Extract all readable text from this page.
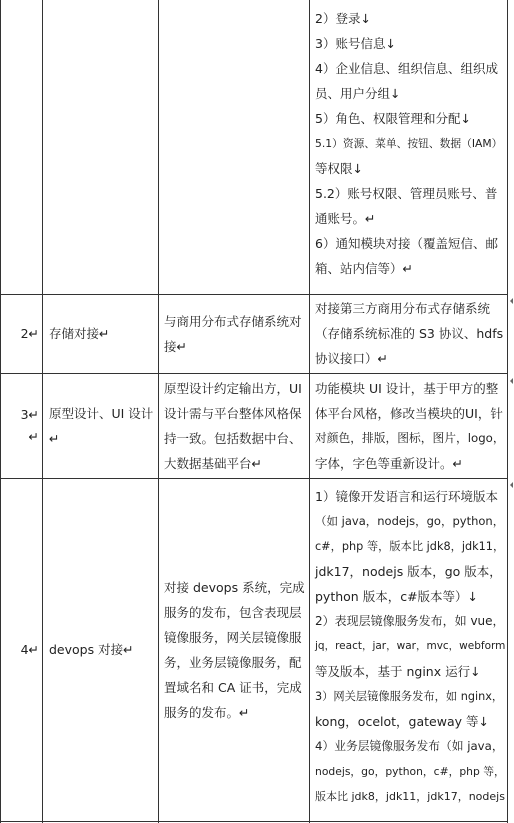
2）登录↓
3）账号信息↓
4）企业信息、组织信息、组织成
员、用户分组↓
5）角色、权限管理和分配↓
5.1）资源、菜单、按钮、数据（IAM）
等权限↓
5.2）账号权限、管理员账号、普
通账号。↵
6）通知模块对接（覆盖短信、邮
箱、站内信等）↵
2↵ 存储对接↵
与商用分布式存储系统对
接↵
对接第三方商用分布式存储系统
（存储系统标准的 S3 协议、hdfs
协议接口）↵
3↵
↵
原型设计、UI 设计↵
原型设计约定输出方，UI
设计需与平台整体风格保
持一致。包括数据中台、
大数据基础平台↵
功能模块 UI 设计，基于甲方的整
体平台风格，修改当模块的UI，针
对颜色，排版，图标，图片，logo，
字体，字色等重新设计。↵
4↵ devops 对接↵
对接 devops 系统，完成
服务的发布，包含表现层
镜像服务，网关层镜像服
务，业务层镜像服务，配
置域名和 CA 证书，完成
服务的发布。↵
1）镜像开发语言和运行环境版本
（如 java，nodejs，go，python，
c#，php 等，版本比 jdk8，jdk11，
jdk17，nodejs 版本，go 版本，
python 版本，c#版本等）↓
2）表现层镜像服务发布，如 vue，
jq，react，jar，war，mvc，webform
等及版本，基于 nginx 运行↓
3）网关层镜像服务发布，如 nginx，
kong，ocelot，gateway 等↓
4）业务层镜像服务发布（如 java，
nodejs，go，python，c#，php 等，
版本比 jdk8，jdk11，jdk17，nodejs
